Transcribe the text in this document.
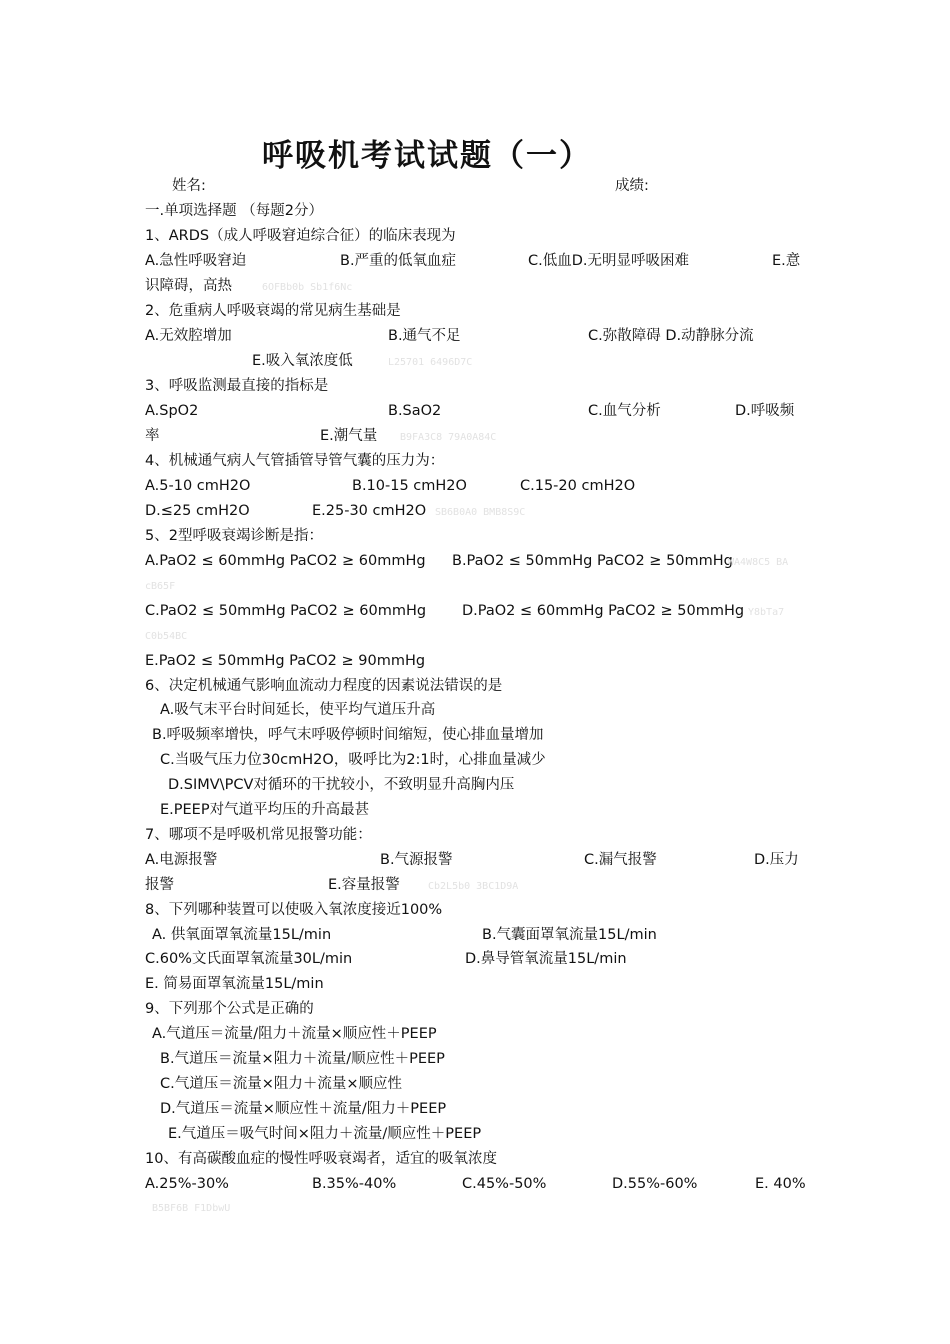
呼吸机考试试题（一）
姓名:	成绩:
一.单项选择题 （每题2分）
1、ARDS（成人呼吸窘迫综合征）的临床表现为
A.急性呼吸窘迫	B.严重的低氧血症	C.低血D.无明显呼吸困难	E.意
识障碍，高热	6OFBb0b Sb1f6Nc
2、危重病人呼吸衰竭的常见病生基础是
A.无效腔增加	B.通气不足	C.弥散障碍 D.动静脉分流
E.吸入氧浓度低	L25701 6496D7C
3、呼吸监测最直接的指标是
A.SpO2	B.SaO2	C.血气分析	D.呼吸频
率	E.潮气量 B9FA3C8 79A0A84C
4、机械通气病人气管插管导管气囊的压力为：
A.5-10 cmH2O	B.10-15 cmH2O	C.15-20 cmH2O
D.≤25 cmH2O	E.25-30 cmH2O SB6B0A0 BMB8S9C
5、2型呼吸衰竭诊断是指：
A.PaO2 ≤ 60mmHg PaCO2 ≥ 60mmHg B.PaO2 ≤ 50mmHg PaCO2 ≥ 50mmHg
WA4W8C5 BA
cB65F
C.PaO2 ≤ 50mmHg PaCO2 ≥ 60mmHg D.PaO2 ≤ 60mmHg PaCO2 ≥ 50mmHg Y8bTa7
C0b54BC
E.PaO2 ≤ 50mmHg PaCO2 ≥ 90mmHg
6、决定机械通气影响血流动力程度的因素说法错误的是
A.吸气末平台时间延长，使平均气道压升高
B.呼吸频率增快，呼气末呼吸停顿时间缩短，使心排血量增加
C.当吸气压力位30cmH2O，吸呼比为2:1时，心排血量减少
D.SIMV\PCV对循环的干扰较小，不致明显升高胸内压
E.PEEP对气道平均压的升高最甚
7、哪项不是呼吸机常见报警功能：
A.电源报警	B.气源报警	C.漏气报警	D.压力
报警	E.容量报警	Cb2L5b0 3BC1D9A
8、下列哪种装置可以使吸入氧浓度接近100%
A. 供氧面罩氧流量15L/min	B.气囊面罩氧流量15L/min
C.60%文氏面罩氧流量30L/min	D.鼻导管氧流量15L/min
E. 简易面罩氧流量15L/min
9、下列那个公式是正确的
A.气道压＝流量/阻力＋流量×顺应性＋PEEP
B.气道压＝流量×阻力＋流量/顺应性＋PEEP
C.气道压＝流量×阻力＋流量×顺应性
D.气道压＝流量×顺应性＋流量/阻力＋PEEP
E.气道压＝吸气时间×阻力＋流量/顺应性＋PEEP
10、有高碳酸血症的慢性呼吸衰竭者，适宜的吸氧浓度
A.25%-30%	B.35%-40%	C.45%-50%	D.55%-60%	E. 40%
B5BF6B F1DbwU
